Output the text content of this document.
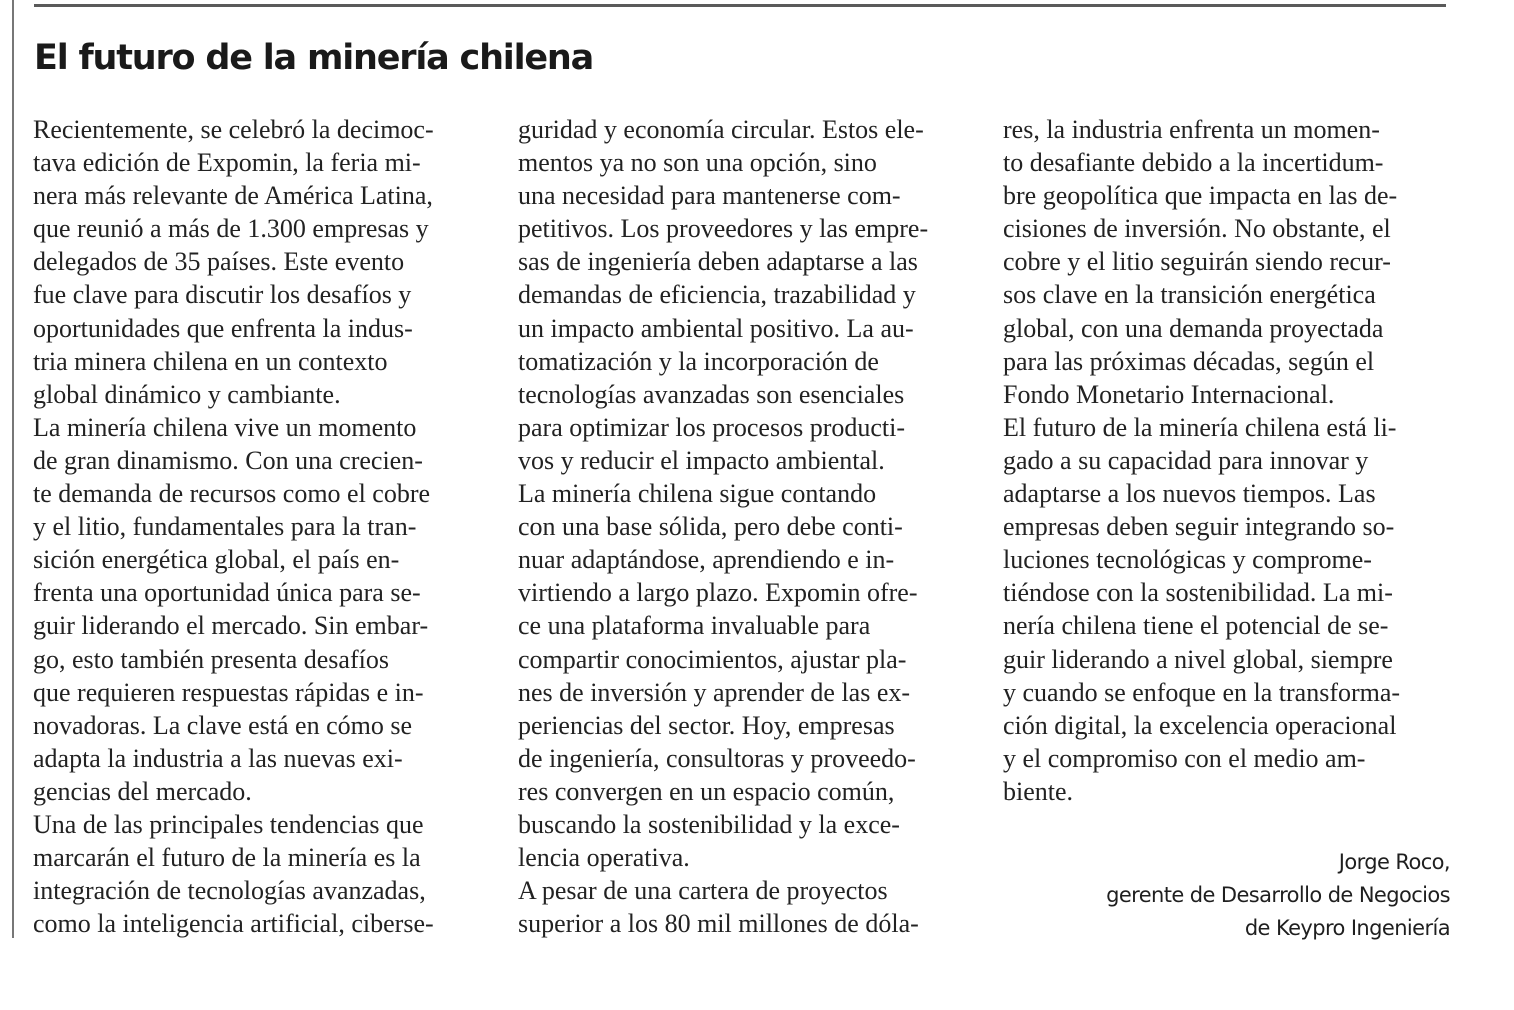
El futuro de la minería chilena
Recientemente, se celebró la decimoc-
tava edición de Expomin, la feria mi-
nera más relevante de América Latina,
que reunió a más de 1.300 empresas y
delegados de 35 países. Este evento
fue clave para discutir los desafíos y
oportunidades que enfrenta la indus-
tria minera chilena en un contexto
global dinámico y cambiante.
La minería chilena vive un momento
de gran dinamismo. Con una crecien-
te demanda de recursos como el cobre
y el litio, fundamentales para la tran-
sición energética global, el país en-
frenta una oportunidad única para se-
guir liderando el mercado. Sin embar-
go, esto también presenta desafíos
que requieren respuestas rápidas e in-
novadoras. La clave está en cómo se
adapta la industria a las nuevas exi-
gencias del mercado.
Una de las principales tendencias que
marcarán el futuro de la minería es la
integración de tecnologías avanzadas,
como la inteligencia artificial, ciberse-
guridad y economía circular. Estos ele-
mentos ya no son una opción, sino
una necesidad para mantenerse com-
petitivos. Los proveedores y las empre-
sas de ingeniería deben adaptarse a las
demandas de eficiencia, trazabilidad y
un impacto ambiental positivo. La au-
tomatización y la incorporación de
tecnologías avanzadas son esenciales
para optimizar los procesos producti-
vos y reducir el impacto ambiental.
La minería chilena sigue contando
con una base sólida, pero debe conti-
nuar adaptándose, aprendiendo e in-
virtiendo a largo plazo. Expomin ofre-
ce una plataforma invaluable para
compartir conocimientos, ajustar pla-
nes de inversión y aprender de las ex-
periencias del sector. Hoy, empresas
de ingeniería, consultoras y proveedo-
res convergen en un espacio común,
buscando la sostenibilidad y la exce-
lencia operativa.
A pesar de una cartera de proyectos
superior a los 80 mil millones de dóla-
res, la industria enfrenta un momen-
to desafiante debido a la incertidum-
bre geopolítica que impacta en las de-
cisiones de inversión. No obstante, el
cobre y el litio seguirán siendo recur-
sos clave en la transición energética
global, con una demanda proyectada
para las próximas décadas, según el
Fondo Monetario Internacional.
El futuro de la minería chilena está li-
gado a su capacidad para innovar y
adaptarse a los nuevos tiempos. Las
empresas deben seguir integrando so-
luciones tecnológicas y comprome-
tiéndose con la sostenibilidad. La mi-
nería chilena tiene el potencial de se-
guir liderando a nivel global, siempre
y cuando se enfoque en la transforma-
ción digital, la excelencia operacional
y el compromiso con el medio am-
biente.
Jorge Roco,
gerente de Desarrollo de Negocios
de Keypro Ingeniería
